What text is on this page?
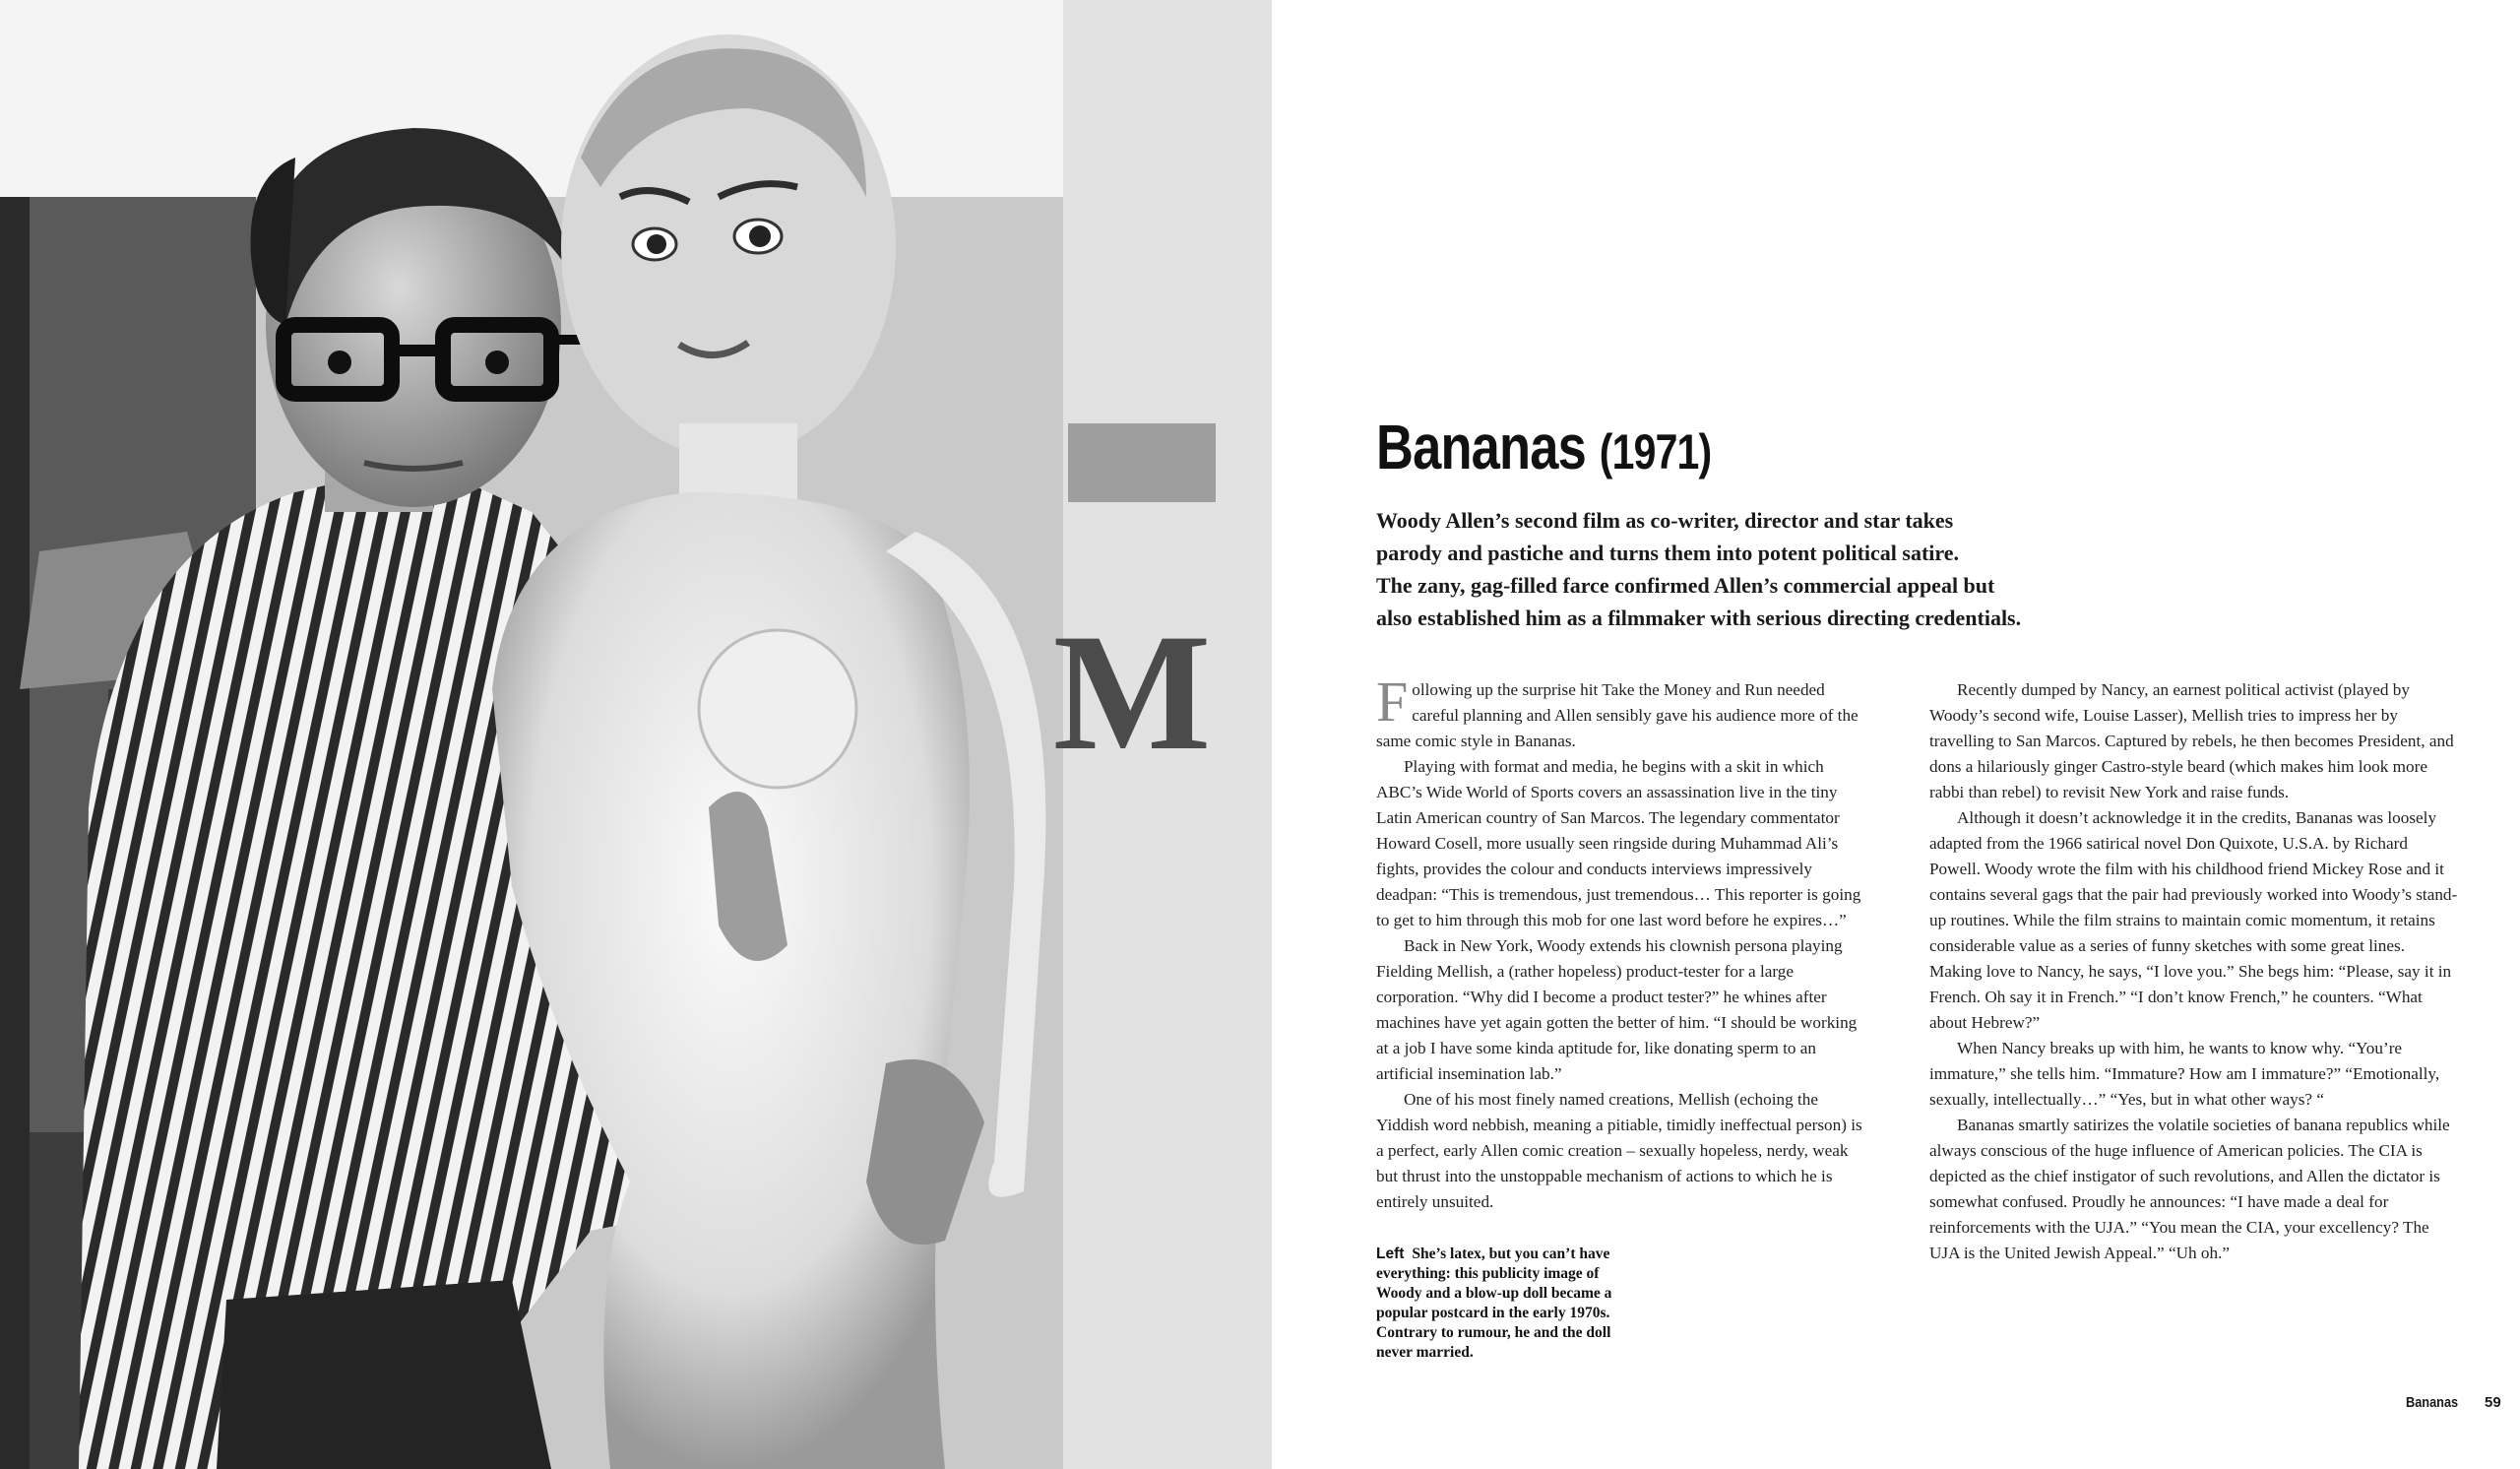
M
Bananas (1971)

Woody Allen’s second film as co-writer, director and star takes

parody and pastiche and turns them into potent political satire.

The zany, gag-filled farce confirmed Allen’s commercial appeal but

also established him as a filmmaker with serious directing credentials.

Following up the surprise hit Take the Money and Run needed careful planning and Allen sensibly gave his audience more of the same comic style in Bananas.

Playing with format and media, he begins with a skit in which ABC’s Wide World of Sports covers an assassination live in the tiny Latin American country of San Marcos. The legendary commentator Howard Cosell, more usually seen ringside during Muhammad Ali’s fights, provides the colour and conducts interviews impressively deadpan: “This is tremendous, just tremendous… This reporter is going to get to him through this mob for one last word before he expires…”

Back in New York, Woody extends his clownish persona playing Fielding Mellish, a (rather hopeless) product-tester for a large corporation. “Why did I become a product tester?” he whines after machines have yet again gotten the better of him. “I should be working at a job I have some kinda aptitude for, like donating sperm to an artificial insemination lab.”

One of his most finely named creations, Mellish (echoing the Yiddish word nebbish, meaning a pitiable, timidly ineffectual person) is a perfect, early Allen comic creation – sexually hopeless, nerdy, weak but thrust into the unstoppable mechanism of actions to which he is entirely unsuited.

Left She’s latex, but you can’t have everything: this publicity image of Woody and a blow-up doll became a popular postcard in the early 1970s. Contrary to rumour, he and the doll never married.

Recently dumped by Nancy, an earnest political activist (played by Woody’s second wife, Louise Lasser), Mellish tries to impress her by travelling to San Marcos. Captured by rebels, he then becomes President, and dons a hilariously ginger Castro-style beard (which makes him look more rabbi than rebel) to revisit New York and raise funds.

Although it doesn’t acknowledge it in the credits, Bananas was loosely adapted from the 1966 satirical novel Don Quixote, U.S.A. by Richard Powell. Woody wrote the film with his childhood friend Mickey Rose and it contains several gags that the pair had previously worked into Woody’s stand-up routines. While the film strains to maintain comic momentum, it retains considerable value as a series of funny sketches with some great lines. Making love to Nancy, he says, “I love you.” She begs him: “Please, say it in French. Oh say it in French.” “I don’t know French,” he counters. “What about Hebrew?”

When Nancy breaks up with him, he wants to know why. “You’re immature,” she tells him. “Immature? How am I immature?” “Emotionally, sexually, intellectually…” “Yes, but in what other ways? “

Bananas smartly satirizes the volatile societies of banana republics while always conscious of the huge influence of American policies. The CIA is depicted as the chief instigator of such revolutions, and Allen the dictator is somewhat confused. Proudly he announces: “I have made a deal for reinforcements with the UJA.” “You mean the CIA, your excellency? The UJA is the United Jewish Appeal.” “Uh oh.”

Bananas 59
